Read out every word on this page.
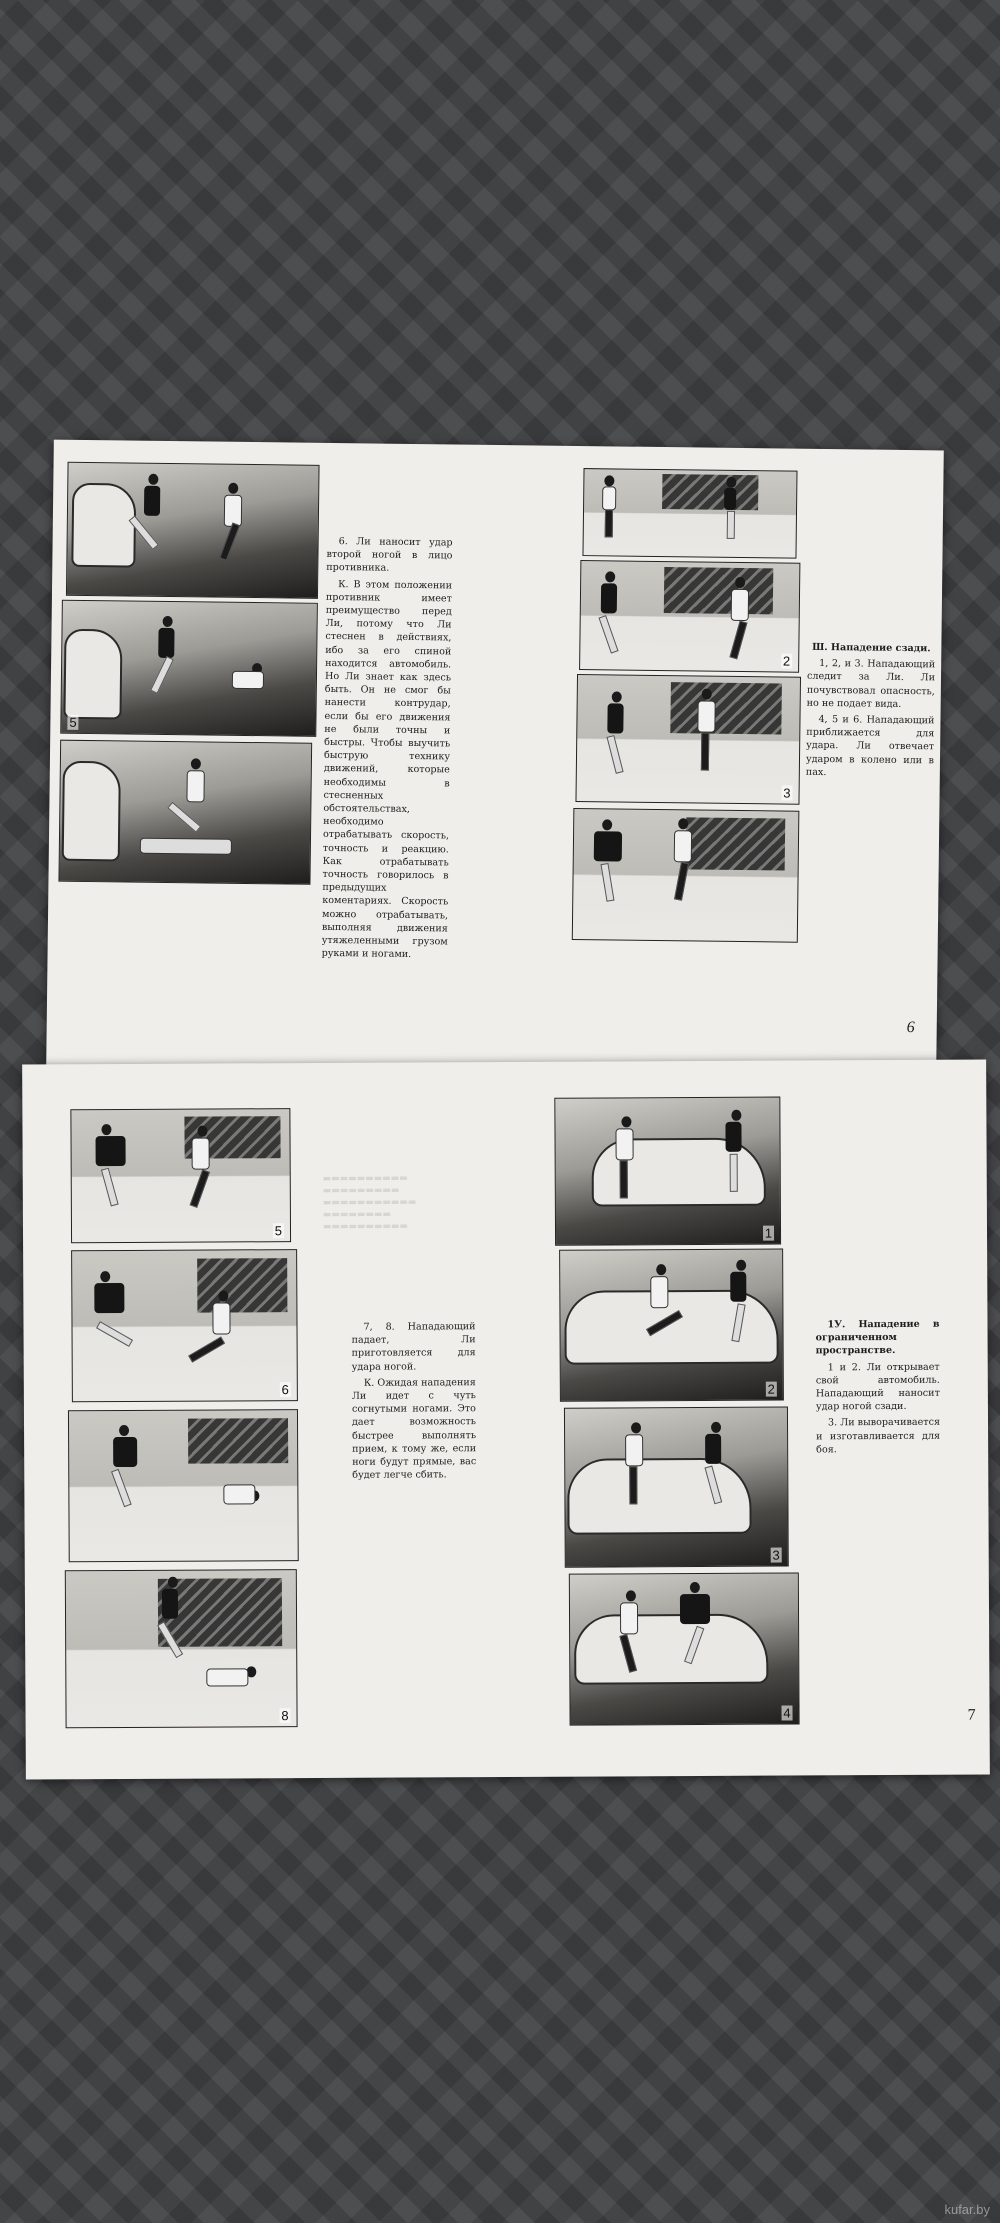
5

6. Ли наносит удар второй ногой в лицо противника.

К. В этом положении противник имеет преимущество перед Ли, потому что Ли стеснен в действиях, ибо за его спиной находится автомобиль. Но Ли знает как здесь быть. Он не смог бы нанести контрудар, если бы его движения не были точны и быстры. Чтобы выучить быструю технику движений, которые необходимы в стесненных обстоятельствах, необходимо отрабатывать скорость, точность и реакцию. Как отрабатывать точность говорилось в предыдущих коментариях. Скорость можно отрабатывать, выполняя движения утяжеленными грузом руками и ногами.

2
3

Ш. Нападение сзади.

1, 2, и 3. Нападающий следит за Ли. Ли почувствовал опасность, но не подает вида.

4, 5 и 6. Нападающий приближается для удара. Ли отвечает ударом в колено или в пах.

6
5
6
8
▬▬▬▬▬▬▬▬▬▬
▬▬▬▬▬▬▬▬▬
▬▬▬▬▬▬▬▬▬▬▬
▬▬▬▬▬▬▬▬
▬▬▬▬▬▬▬▬▬▬

7, 8. Нападающий падает, Ли приготовляется для удара ногой.

К. Ожидая нападения Ли идет с чуть согнутыми ногами. Это дает возможность быстрее выполнять прием, к тому же, если ноги будут прямые, вас будет легче сбить.

1
2
3
4

1У. Нападение в ограниченном пространстве.

1 и 2. Ли открывает свой автомобиль. Нападающий наносит удар ногой сзади.

3. Ли выворачивается и изготавливается для боя.

7
kufar.by
